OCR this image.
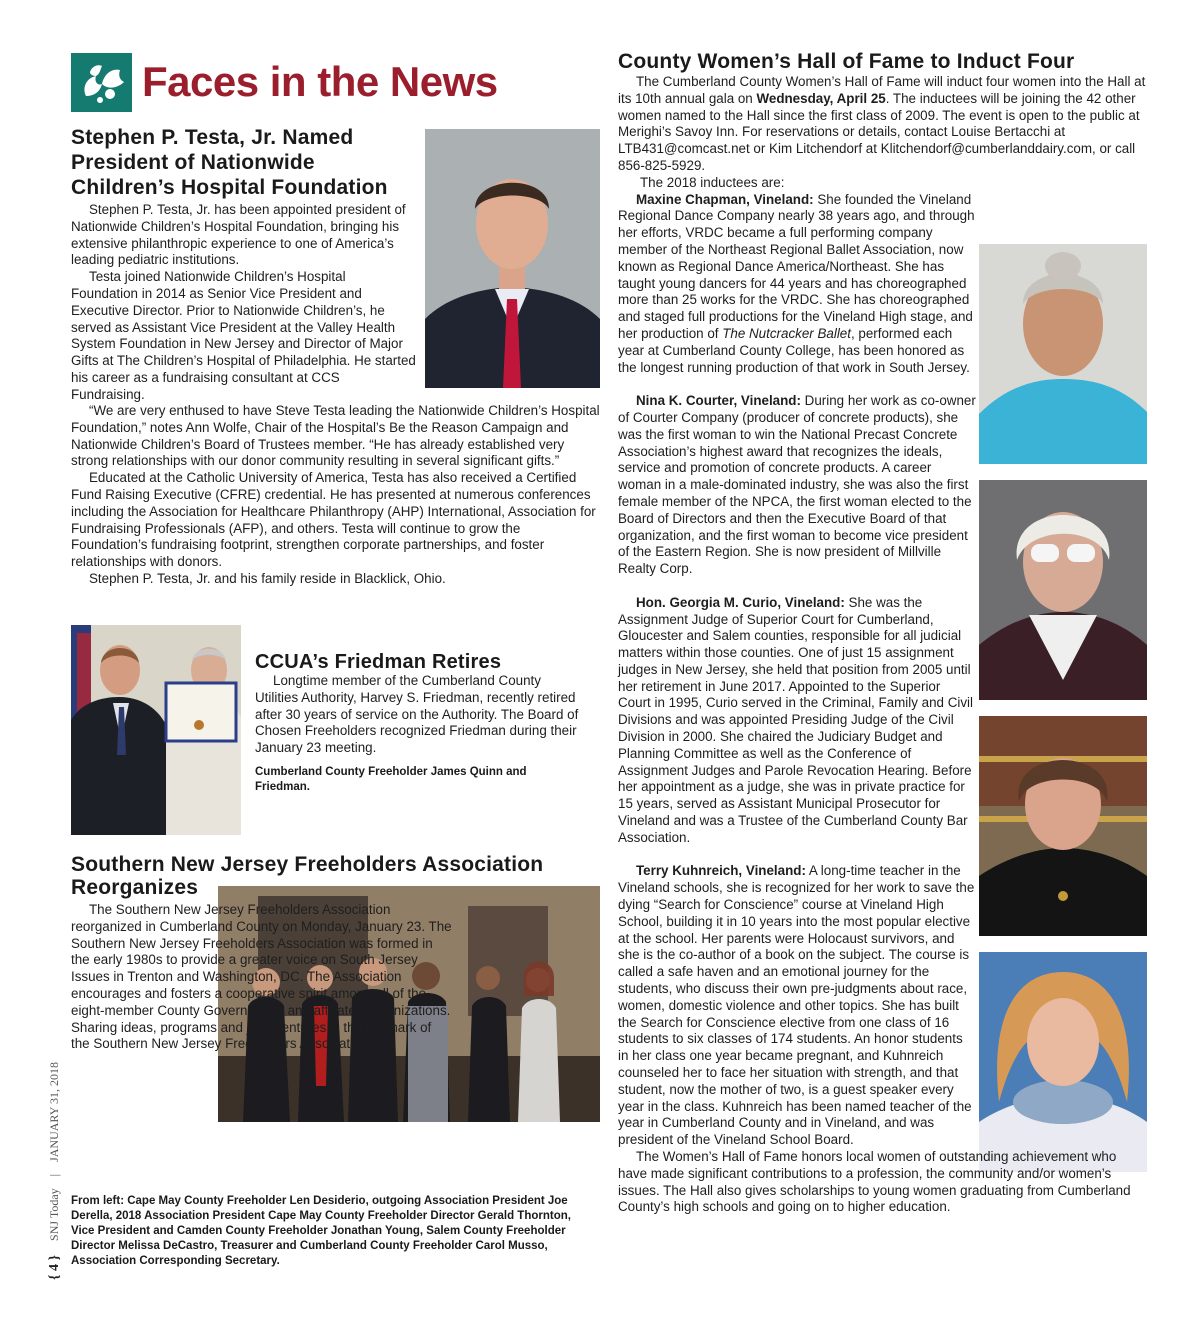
Faces in the News
Stephen P. Testa, Jr. Named President of Nationwide Children’s Hospital Foundation

Stephen P. Testa, Jr. has been appointed president of Nationwide Children’s Hospital Foundation, bringing his extensive philanthropic experience to one of America’s leading pediatric institutions.

Testa joined Nationwide Children’s Hospital Foundation in 2014 as Senior Vice President and Executive Director. Prior to Nationwide Children’s, he served as Assistant Vice President at the Valley Health System Foundation in New Jersey and Director of Major Gifts at The Children’s Hospital of Philadelphia. He started his career as a fundraising consultant at CCS Fundraising.

“We are very enthused to have Steve Testa leading the Nationwide Children’s Hospital Foundation,” notes Ann Wolfe, Chair of the Hospital’s Be the Reason Campaign and Nationwide Children’s Board of Trustees member. “He has already established very strong relationships with our donor community resulting in several significant gifts.”

Educated at the Catholic University of America, Testa has also received a Certified Fund Raising Executive (CFRE) credential. He has presented at numerous conferences including the Association for Healthcare Philanthropy (AHP) International, Association for Fundraising Professionals (AFP), and others. Testa will continue to grow the Foundation’s fundraising footprint, strengthen corporate partnerships, and foster relationships with donors.

Stephen P. Testa, Jr. and his family reside in Blacklick, Ohio.

CCUA’s Friedman Retires

Longtime member of the Cumberland County Utilities Authority, Harvey S. Friedman, recently retired after 30 years of service on the Authority. The Board of Chosen Freeholders recognized Friedman during their January 23 meeting.

Cumberland County Freeholder James Quinn and Friedman.
Southern New Jersey Freeholders Association Reorganizes

The Southern New Jersey Freeholders Association reorganized in Cumberland County on Monday, January 23. The Southern New Jersey Freeholders Association was formed in the early 1980s to provide a greater voice on South Jersey Issues in Trenton and Washington, DC. The Association encourages and fosters a cooperative spirit among all of the eight-member County Governments and affiliated organizations. Sharing ideas, programs and joint ventures is the hallmark of the Southern New Jersey Freeholders Association.

From left: Cape May County Freeholder Len Desiderio, outgoing Association President Joe Derella, 2018 Association President Cape May County Freeholder Director Gerald Thornton, Vice President and Camden County Freeholder Jonathan Young, Salem County Freeholder Director Melissa DeCastro, Treasurer and Cumberland County Freeholder Carol Musso, Association Corresponding Secretary.
County Women’s Hall of Fame to Induct Four

The Cumberland County Women’s Hall of Fame will induct four women into the Hall at its 10th annual gala on Wednesday, April 25. The inductees will be joining the 42 other women named to the Hall since the first class of 2009. The event is open to the public at Merighi’s Savoy Inn. For reservations or details, contact Louise Bertacchi at LTB431@comcast.net or Kim Litchendorf at Klitchendorf@cumberlanddairy.com, or call 856-825-5929.

The 2018 inductees are:

Maxine Chapman, Vineland: She founded the Vineland Regional Dance Company nearly 38 years ago, and through her efforts, VRDC became a full performing company member of the Northeast Regional Ballet Association, now known as Regional Dance America/Northeast. She has taught young dancers for 44 years and has choreographed more than 25 works for the VRDC. She has choreographed and staged full productions for the Vineland High stage, and her production of The Nutcracker Ballet, performed each year at Cumberland County College, has been honored as the longest running production of that work in South Jersey.

Nina K. Courter, Vineland: During her work as co-owner of Courter Company (producer of concrete products), she was the first woman to win the National Precast Concrete Association’s highest award that recognizes the ideals, service and promotion of concrete products. A career woman in a male-dominated industry, she was also the first female member of the NPCA, the first woman elected to the Board of Directors and then the Executive Board of that organization, and the first woman to become vice president of the Eastern Region. She is now president of Millville Realty Corp.

Hon. Georgia M. Curio, Vineland: She was the Assignment Judge of Superior Court for Cumberland, Gloucester and Salem counties, responsible for all judicial matters within those counties. One of just 15 assignment judges in New Jersey, she held that position from 2005 until her retirement in June 2017. Appointed to the Superior Court in 1995, Curio served in the Criminal, Family and Civil Divisions and was appointed Presiding Judge of the Civil Division in 2000. She chaired the Judiciary Budget and Planning Committee as well as the Conference of Assignment Judges and Parole Revocation Hearing. Before her appointment as a judge, she was in private practice for 15 years, served as Assistant Municipal Prosecutor for Vineland and was a Trustee of the Cumberland County Bar Association.

Terry Kuhnreich, Vineland: A long-time teacher in the Vineland schools, she is recognized for her work to save the dying “Search for Conscience” course at Vineland High School, building it in 10 years into the most popular elective at the school. Her parents were Holocaust survivors, and she is the co-author of a book on the subject. The course is called a safe haven and an emotional journey for the students, who discuss their own pre-judgments about race, women, domestic violence and other topics. She has built the Search for Conscience elective from one class of 16 students to six classes of 174 students. An honor students in her class one year became pregnant, and Kuhnreich counseled her to face her situation with strength, and that student, now the mother of two, is a guest speaker every year in the class. Kuhnreich has been named teacher of the year in Cumberland County and in Vineland, and was president of the Vineland School Board.

The Women’s Hall of Fame honors local women of outstanding achievement who have made significant contributions to a profession, the community and/or women’s issues. The Hall also gives scholarships to young women graduating from Cumberland County’s high schools and going on to higher education.

{ 4 }  SNJ Today  |  JANUARY 31, 2018
